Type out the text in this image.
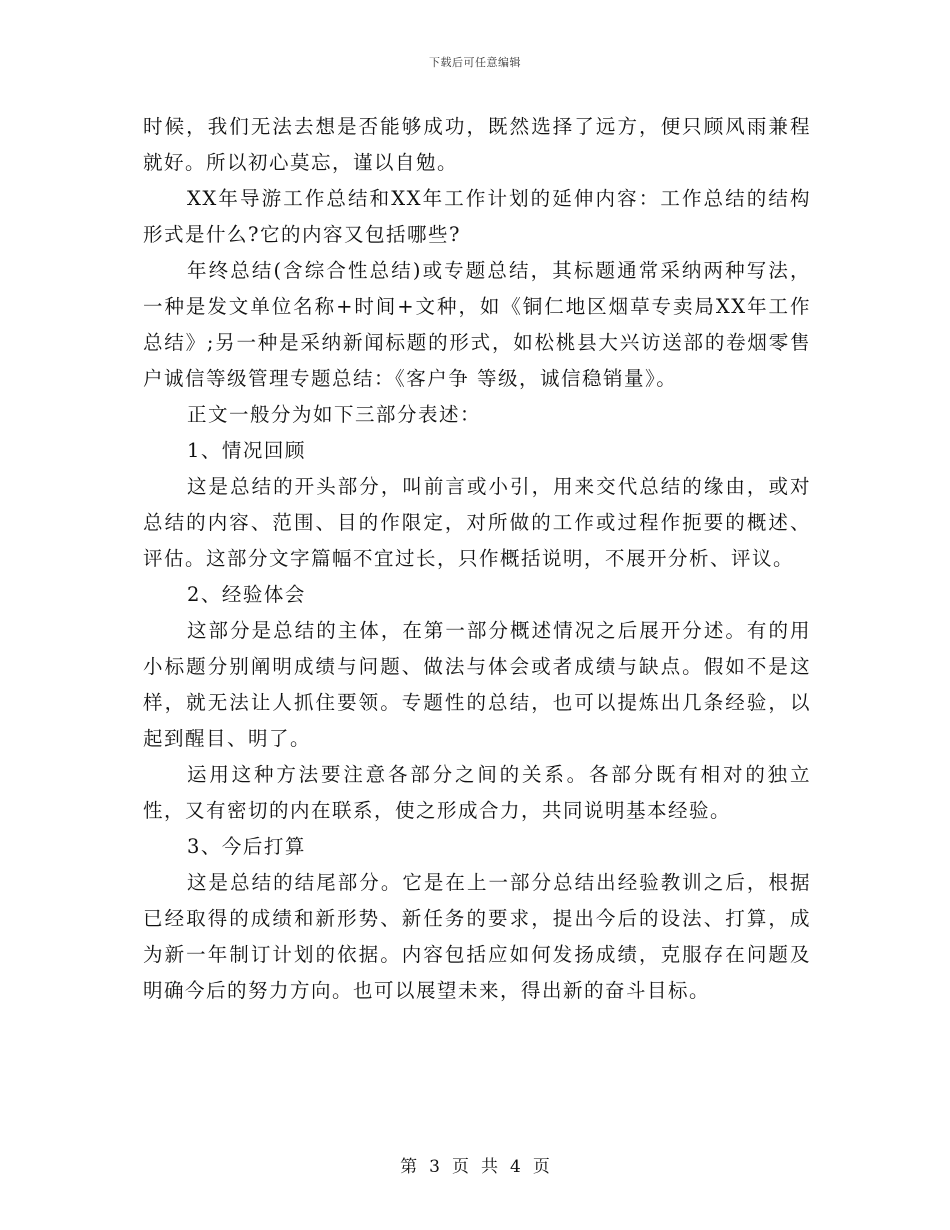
下载后可任意编辑

时候，我们无法去想是否能够成功，既然选择了远方，便只顾风雨兼程就好。所以初心莫忘，谨以自勉。

XX年导游工作总结和XX年工作计划的延伸内容：工作总结的结构形式是什么?它的内容又包括哪些?

年终总结(含综合性总结)或专题总结，其标题通常采纳两种写法，一种是发文单位名称+时间+文种，如《铜仁地区烟草专卖局XX年工作总结》;另一种是采纳新闻标题的形式，如松桃县大兴访送部的卷烟零售户诚信等级管理专题总结：《客户争 等级，诚信稳销量》。

正文一般分为如下三部分表述：

1、情况回顾

这是总结的开头部分，叫前言或小引，用来交代总结的缘由，或对总结的内容、范围、目的作限定，对所做的工作或过程作扼要的概述、评估。这部分文字篇幅不宜过长，只作概括说明，不展开分析、评议。

2、经验体会

这部分是总结的主体，在第一部分概述情况之后展开分述。有的用小标题分别阐明成绩与问题、做法与体会或者成绩与缺点。假如不是这样，就无法让人抓住要领。专题性的总结，也可以提炼出几条经验，以起到醒目、明了。

运用这种方法要注意各部分之间的关系。各部分既有相对的独立性，又有密切的内在联系，使之形成合力，共同说明基本经验。

3、今后打算

这是总结的结尾部分。它是在上一部分总结出经验教训之后，根据已经取得的成绩和新形势、新任务的要求，提出今后的设法、打算，成为新一年制订计划的依据。内容包括应如何发扬成绩，克服存在问题及明确今后的努力方向。也可以展望未来，得出新的奋斗目标。

第 3 页 共 4 页
